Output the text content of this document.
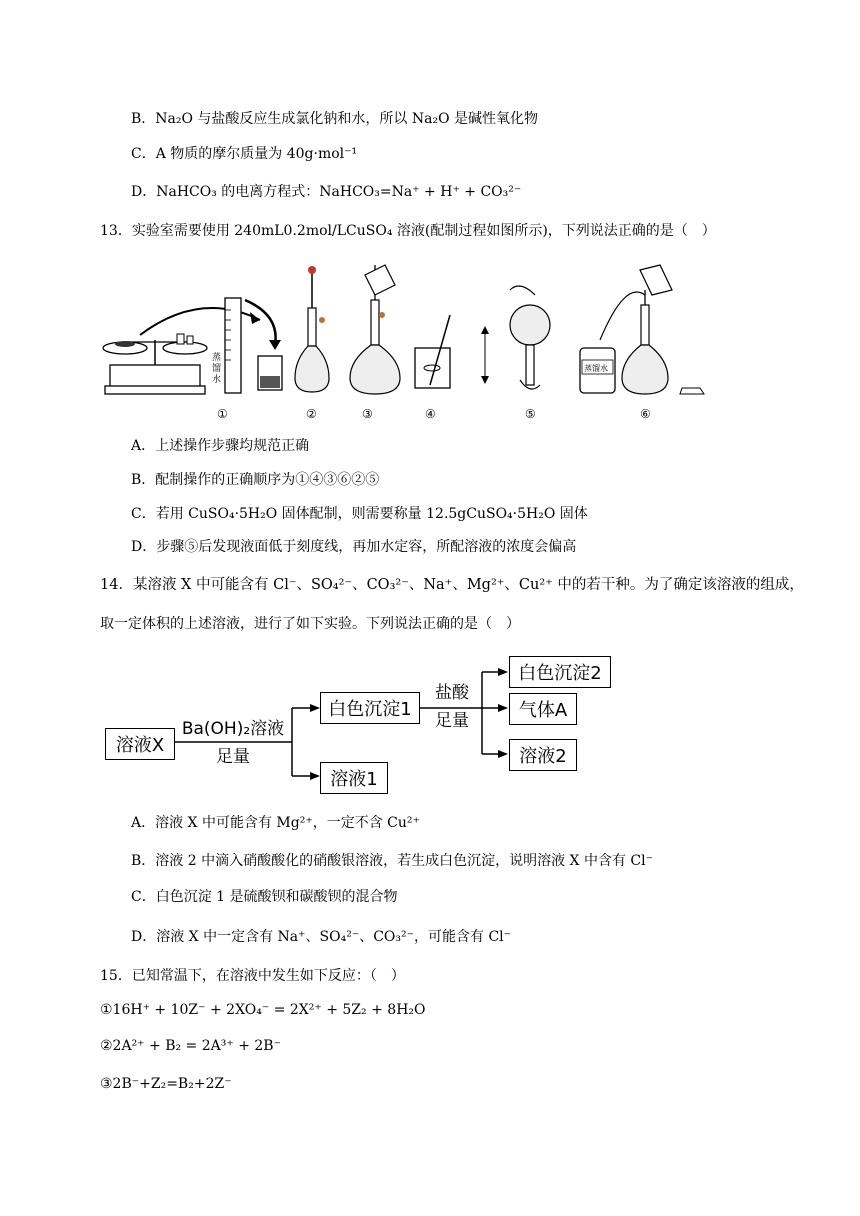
B．Na₂O 与盐酸反应生成氯化钠和水，所以 Na₂O 是碱性氧化物
C．A 物质的摩尔质量为 40g·mol⁻¹
D．NaHCO₃ 的电离方程式：NaHCO₃=Na⁺ + H⁺ + CO₃²⁻
13．实验室需要使用 240mL0.2mol/LCuSO₄ 溶液(配制过程如图所示)，下列说法正确的是（　）
蒸
馏
水
蒸馏水
①	②	③	④	⑤	⑥
A．上述操作步骤均规范正确
B．配制操作的正确顺序为①④③⑥②⑤
C．若用 CuSO₄·5H₂O 固体配制，则需要称量 12.5gCuSO₄·5H₂O 固体
D．步骤⑤后发现液面低于刻度线，再加水定容，所配溶液的浓度会偏高
14．某溶液 X 中可能含有 Cl⁻、SO₄²⁻、CO₃²⁻、Na⁺、Mg²⁺、Cu²⁺ 中的若干种。为了确定该溶液的组成，
取一定体积的上述溶液，进行了如下实验。下列说法正确的是（　）
溶液X
Ba(OH)₂溶液
足量
白色沉淀1
溶液1
盐酸
足量
白色沉淀2
气体A
溶液2
A．溶液 X 中可能含有 Mg²⁺，一定不含 Cu²⁺
B．溶液 2 中滴入硝酸酸化的硝酸银溶液，若生成白色沉淀，说明溶液 X 中含有 Cl⁻
C．白色沉淀 1 是硫酸钡和碳酸钡的混合物
D．溶液 X 中一定含有 Na⁺、SO₄²⁻、CO₃²⁻，可能含有 Cl⁻
15．已知常温下，在溶液中发生如下反应：（　）
①16H⁺ + 10Z⁻ + 2XO₄⁻ = 2X²⁺ + 5Z₂ + 8H₂O
②2A²⁺ + B₂ = 2A³⁺ + 2B⁻
③2B⁻+Z₂=B₂+2Z⁻
